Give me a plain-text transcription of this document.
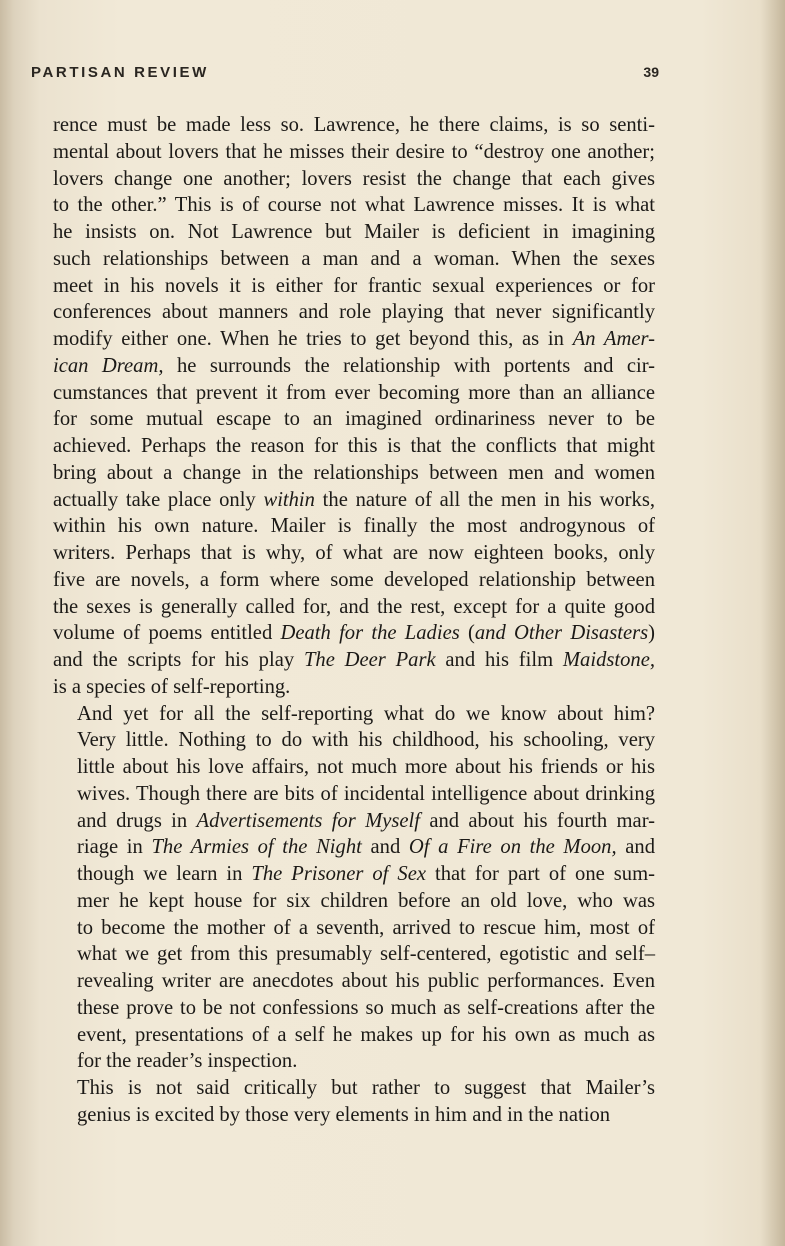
PARTISAN REVIEW	39

rence must be made less so. Lawrence, he there claims, is so senti-
mental about lovers that he misses their desire to “destroy one another;
lovers change one another; lovers resist the change that each gives
to the other.” This is of course not what Lawrence misses. It is what
he insists on. Not Lawrence but Mailer is deficient in imagining
such relationships between a man and a woman. When the sexes
meet in his novels it is either for frantic sexual experiences or for
conferences about manners and role playing that never significantly
modify either one. When he tries to get beyond this, as in An Amer-
ican Dream, he surrounds the relationship with portents and cir-
cumstances that prevent it from ever becoming more than an alliance
for some mutual escape to an imagined ordinariness never to be
achieved. Perhaps the reason for this is that the conflicts that might
bring about a change in the relationships between men and women
actually take place only within the nature of all the men in his works,
within his own nature. Mailer is finally the most androgynous of
writers. Perhaps that is why, of what are now eighteen books, only
five are novels, a form where some developed relationship between
the sexes is generally called for, and the rest, except for a quite good
volume of poems entitled Death for the Ladies (and Other Disasters)
and the scripts for his play The Deer Park and his film Maidstone,
is a species of self-reporting.

And yet for all the self-reporting what do we know about him?
Very little. Nothing to do with his childhood, his schooling, very
little about his love affairs, not much more about his friends or his
wives. Though there are bits of incidental intelligence about drinking
and drugs in Advertisements for Myself and about his fourth mar-
riage in The Armies of the Night and Of a Fire on the Moon, and
though we learn in The Prisoner of Sex that for part of one sum-
mer he kept house for six children before an old love, who was
to become the mother of a seventh, arrived to rescue him, most of
what we get from this presumably self-centered, egotistic and self–
revealing writer are anecdotes about his public performances. Even
these prove to be not confessions so much as self-creations after the
event, presentations of a self he makes up for his own as much as
for the reader’s inspection.

This is not said critically but rather to suggest that Mailer’s
genius is excited by those very elements in him and in the nation
